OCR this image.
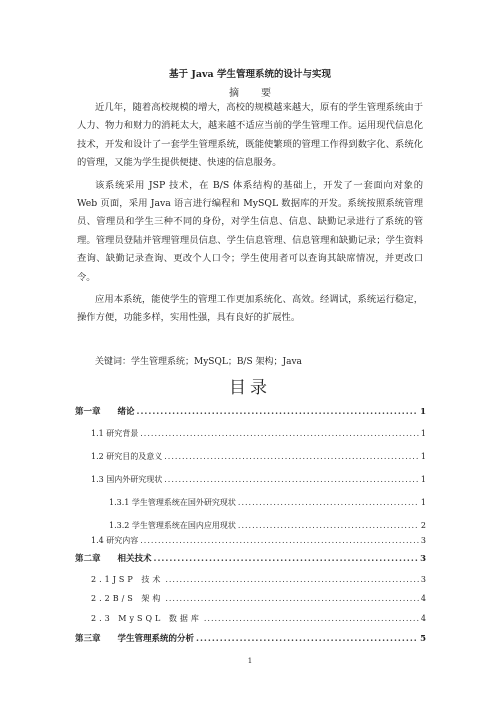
基于 Java 学生管理系统的设计与实现
摘要

近几年，随着高校规模的增大，高校的规模越来越大，原有的学生管理系统由于人力、物力和财力的消耗太大，越来越不适应当前的学生管理工作。运用现代信息化技术，开发和设计了一套学生管理系统，既能使繁琐的管理工作得到数字化、系统化的管理，又能为学生提供便捷、快速的信息服务。

该系统采用 JSP 技术，在 B/S 体系结构的基础上，开发了一套面向对象的 Web 页面，采用 Java 语言进行编程和 MySQL 数据库的开发。系统按照系统管理员、管理员和学生三种不同的身份，对学生信息、信息、缺勤记录进行了系统的管理。管理员登陆并管理管理员信息、学生信息管理、信息管理和缺勤记录；学生资料查询、缺勤记录查询、更改个人口令；学生使用者可以查询其缺席情况，并更改口令。

应用本系统，能使学生的管理工作更加系统化、高效。经调试，系统运行稳定，操作方便，功能多样，实用性强，具有良好的扩展性。

关键词：学生管理系统；MySQL；B/S 架构；Java
目录
第一章　　绪论 .....	1
1.1 研究背景 .....	1
1.2 研究目的及意义 .....	1
1.3 国内外研究现状 .....	1
1.3.1 学生管理系统在国外研究现状 .....	1
1.3.2 学生管理系统在国内应用现状 .....	2
1.4 研究内容 .....	3
第二章　　相关技术 .....	3
2.1JSP 技术 .....	3
2.2B/S 架构 .....	4
2.3 MySQL 数据库 .....	4
第三章　　学生管理系统的分析 .....	5
1
